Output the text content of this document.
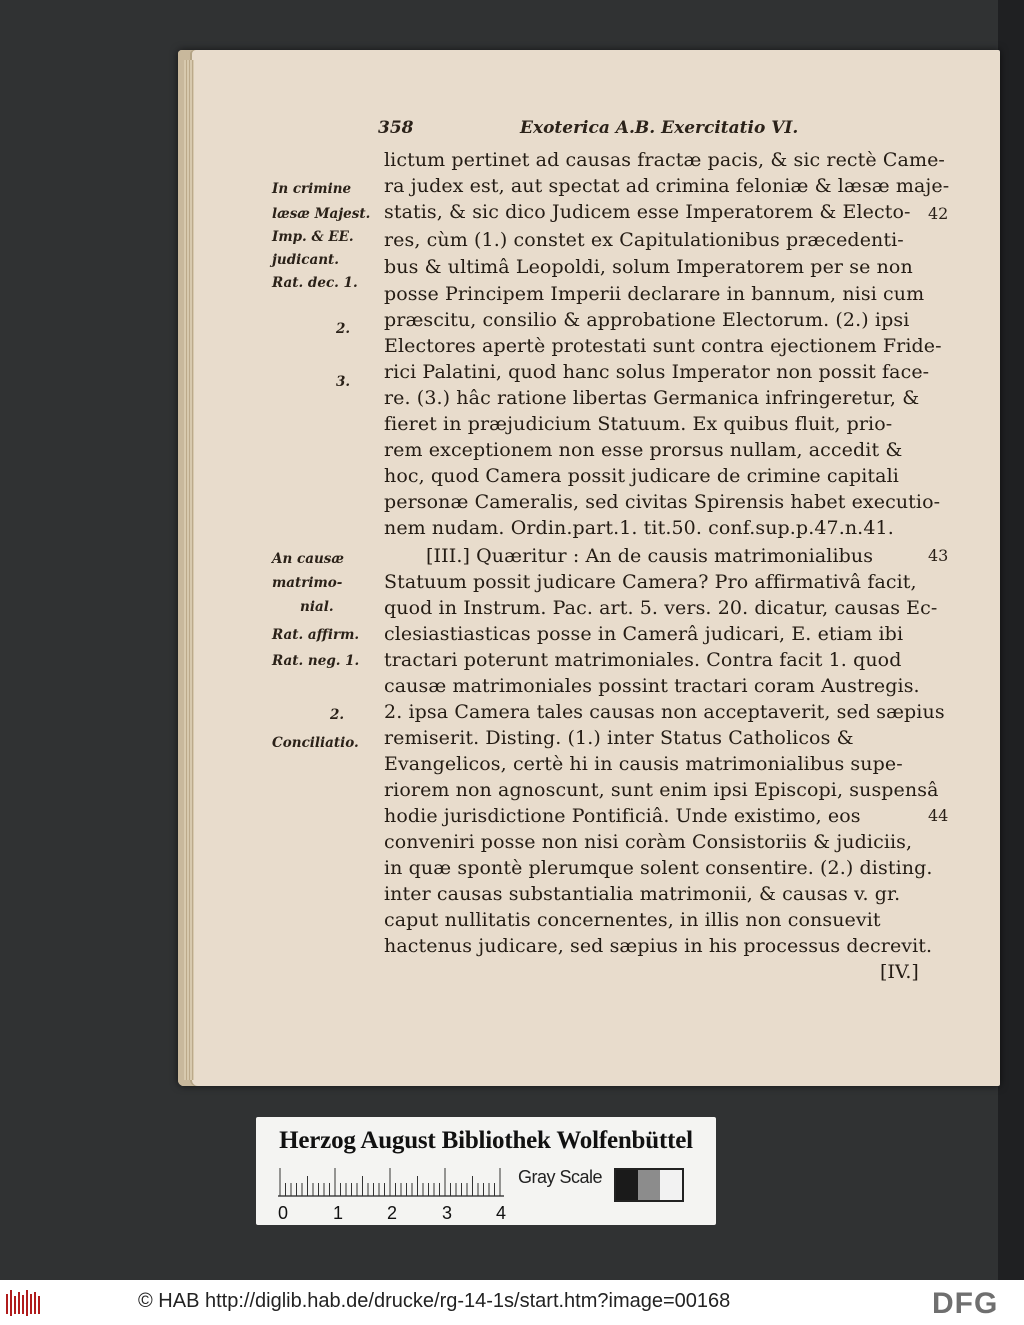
358	Exoterica A.B. Exercitatio VI.
lictum pertinet ad causas fractæ pacis, & sic rectè Came-
ra judex est, aut spectat ad crimina feloniæ & læsæ maje-
statis, & sic dico Judicem esse Imperatorem & Electo-
res, cùm (1.) constet ex Capitulationibus præcedenti-
bus & ultimâ Leopoldi, solum Imperatorem per se non
posse Principem Imperii declarare in bannum, nisi cum
præscitu, consilio & approbatione Electorum. (2.) ipsi
Electores apertè protestati sunt contra ejectionem Fride-
rici Palatini, quod hanc solus Imperator non possit face-
re. (3.) hâc ratione libertas Germanica infringeretur, &
fieret in præjudicium Statuum. Ex quibus fluit, prio-
rem exceptionem non esse prorsus nullam, accedit &
hoc, quod Camera possit judicare de crimine capitali
personæ Cameralis, sed civitas Spirensis habet executio-
nem nudam. Ordin.part.1. tit.50. conf.sup.p.47.n.41.
[III.] Quæritur : An de causis matrimonialibus
Statuum possit judicare Camera? Pro affirmativâ facit,
quod in Instrum. Pac. art. 5. vers. 20. dicatur, causas Ec-
clesiastiasticas posse in Camerâ judicari, E. etiam ibi
tractari poterunt matrimoniales. Contra facit 1. quod
causæ matrimoniales possint tractari coram Austregis.
2. ipsa Camera tales causas non acceptaverit, sed sæpius
remiserit. Disting. (1.) inter Status Catholicos &
Evangelicos, certè hi in causis matrimonialibus supe-
riorem non agnoscunt, sunt enim ipsi Episcopi, suspensâ
hodie jurisdictione Pontificiâ. Unde existimo, eos
conveniri posse non nisi coràm Consistoriis & judiciis,
in quæ spontè plerumque solent consentire. (2.) disting.
inter causas substantialia matrimonii, & causas v. gr.
caput nullitatis concernentes, in illis non consuevit
hactenus judicare, sed sæpius in his processus decrevit.
[IV.]
In crimine
læsæ Majest.
Imp. & EE.
judicant.
Rat. dec. 1.
2.
3.
An causæ
matrimo-
nial.
Rat. affirm.
Rat. neg. 1.
2.
Conciliatio.
42
43
44
Herzog August Bibliothek Wolfenbüttel
Gray Scale
0 1 2 3 4
© HAB http://diglib.hab.de/drucke/rg-14-1s/start.htm?image=00168	DFG
